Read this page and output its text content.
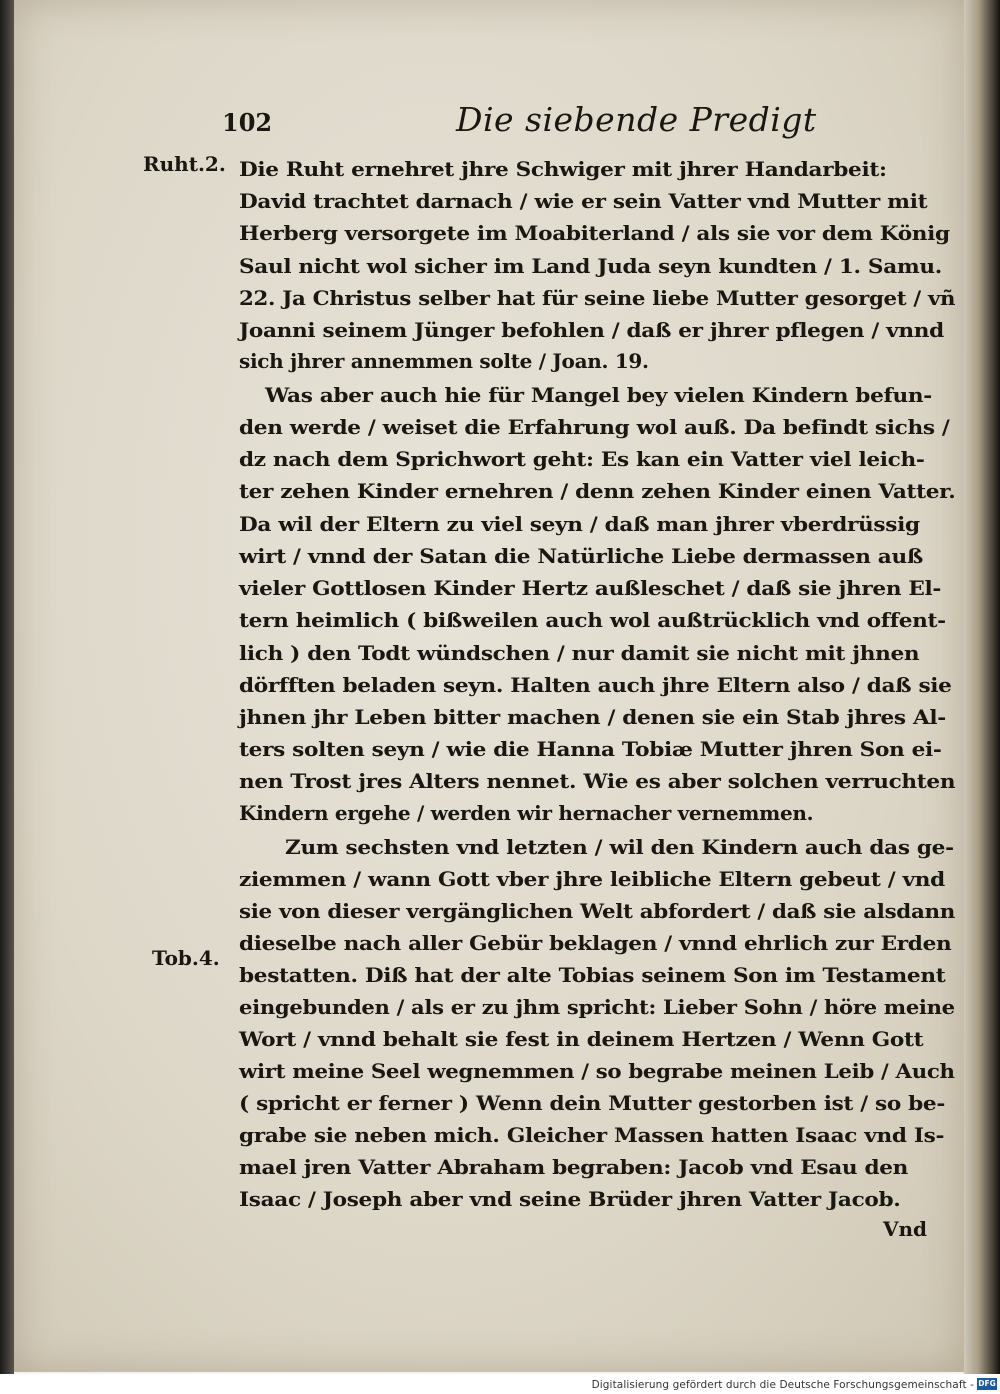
102	Die siebende Predigt
Ruht.2.
Tob.4.
Die Ruht ernehret jhre Schwiger mit jhrer Handarbeit:
David trachtet darnach / wie er sein Vatter vnd Mutter mit
Herberg versorgete im Moabiterland / als sie vor dem König
Saul nicht wol sicher im Land Juda seyn kundten / 1. Samu.
22. Ja Christus selber hat für seine liebe Mutter gesorget / vñ
Joanni seinem Jünger befohlen / daß er jhrer pflegen / vnnd
sich jhrer annemmen solte / Joan. 19.
Was aber auch hie für Mangel bey vielen Kindern befun-
den werde / weiset die Erfahrung wol auß. Da befindt sichs /
dz nach dem Sprichwort geht: Es kan ein Vatter viel leich-
ter zehen Kinder ernehren / denn zehen Kinder einen Vatter.
Da wil der Eltern zu viel seyn / daß man jhrer vberdrüssig
wirt / vnnd der Satan die Natürliche Liebe dermassen auß
vieler Gottlosen Kinder Hertz außleschet / daß sie jhren El-
tern heimlich ( bißweilen auch wol außtrücklich vnd offent-
lich ) den Todt wündschen / nur damit sie nicht mit jhnen
dörfften beladen seyn. Halten auch jhre Eltern also / daß sie
jhnen jhr Leben bitter machen / denen sie ein Stab jhres Al-
ters solten seyn / wie die Hanna Tobiæ Mutter jhren Son ei-
nen Trost jres Alters nennet. Wie es aber solchen verruchten
Kindern ergehe / werden wir hernacher vernemmen.
Zum sechsten vnd letzten / wil den Kindern auch das ge-
ziemmen / wann Gott vber jhre leibliche Eltern gebeut / vnd
sie von dieser vergänglichen Welt abfordert / daß sie alsdann
dieselbe nach aller Gebür beklagen / vnnd ehrlich zur Erden
bestatten. Diß hat der alte Tobias seinem Son im Testament
eingebunden / als er zu jhm spricht: Lieber Sohn / höre meine
Wort / vnnd behalt sie fest in deinem Hertzen / Wenn Gott
wirt meine Seel wegnemmen / so begrabe meinen Leib / Auch
( spricht er ferner ) Wenn dein Mutter gestorben ist / so be-
grabe sie neben mich. Gleicher Massen hatten Isaac vnd Is-
mael jren Vatter Abraham begraben: Jacob vnd Esau den
Isaac / Joseph aber vnd seine Brüder jhren Vatter Jacob.
Vnd
Digitalisierung gefördert durch die Deutsche Forschungsgemeinschaft - DFG
